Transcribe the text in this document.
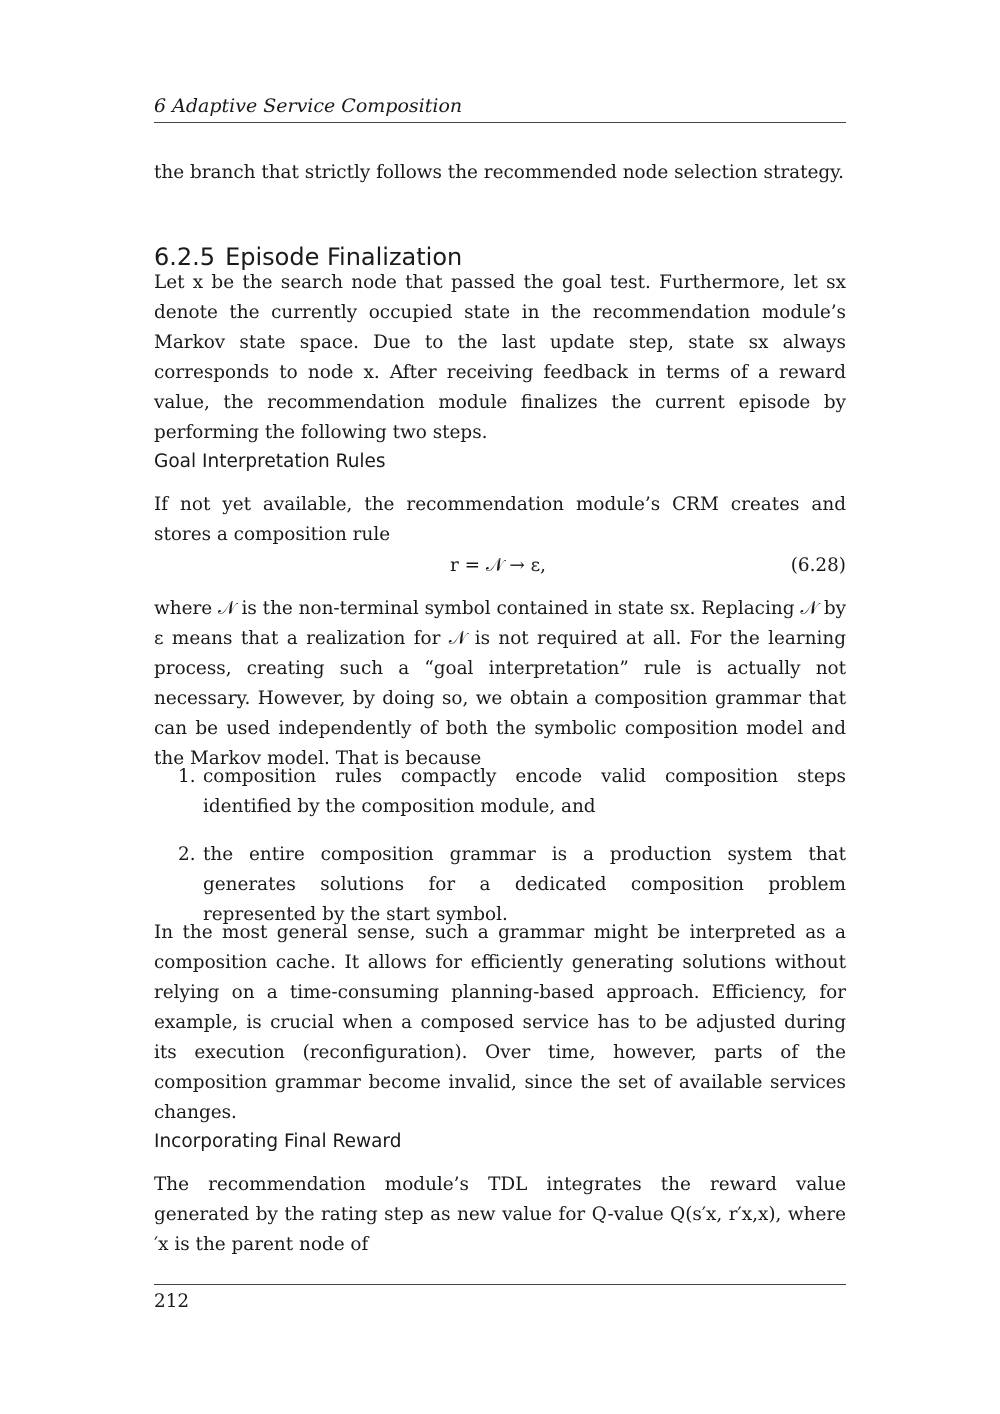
6 Adaptive Service Composition

the branch that strictly follows the recommended node selection strategy.

6.2.5 Episode Finalization

Let x be the search node that passed the goal test. Furthermore, let sx denote the currently occupied state in the recommendation module’s Markov state space. Due to the last update step, state sx always corresponds to node x. After receiving feedback in terms of a reward value, the recommendation module finalizes the current episode by performing the following two steps.

Goal Interpretation Rules

If not yet available, the recommendation module’s CRM creates and stores a composition rule

r = 𝒩 → ε,	(6.28)

where 𝒩 is the non-terminal symbol contained in state sx. Replacing 𝒩 by ε means that a realization for 𝒩 is not required at all. For the learning process, creating such a “goal interpretation” rule is actually not necessary. However, by doing so, we obtain a composition grammar that can be used independently of both the symbolic composition model and the Markov model. That is because

1. composition rules compactly encode valid composition steps identified by the composition module, and
2. the entire composition grammar is a production system that generates solutions for a dedicated composition problem represented by the start symbol.

In the most general sense, such a grammar might be interpreted as a composition cache. It allows for efficiently generating solutions without relying on a time-consuming planning-based approach. Efficiency, for example, is crucial when a composed service has to be adjusted during its execution (reconfiguration). Over time, however, parts of the composition grammar become invalid, since the set of available services changes.

Incorporating Final Reward

The recommendation module’s TDL integrates the reward value generated by the rating step as new value for Q-value Q(s′x, r′x,x), where ′x is the parent node of

212
